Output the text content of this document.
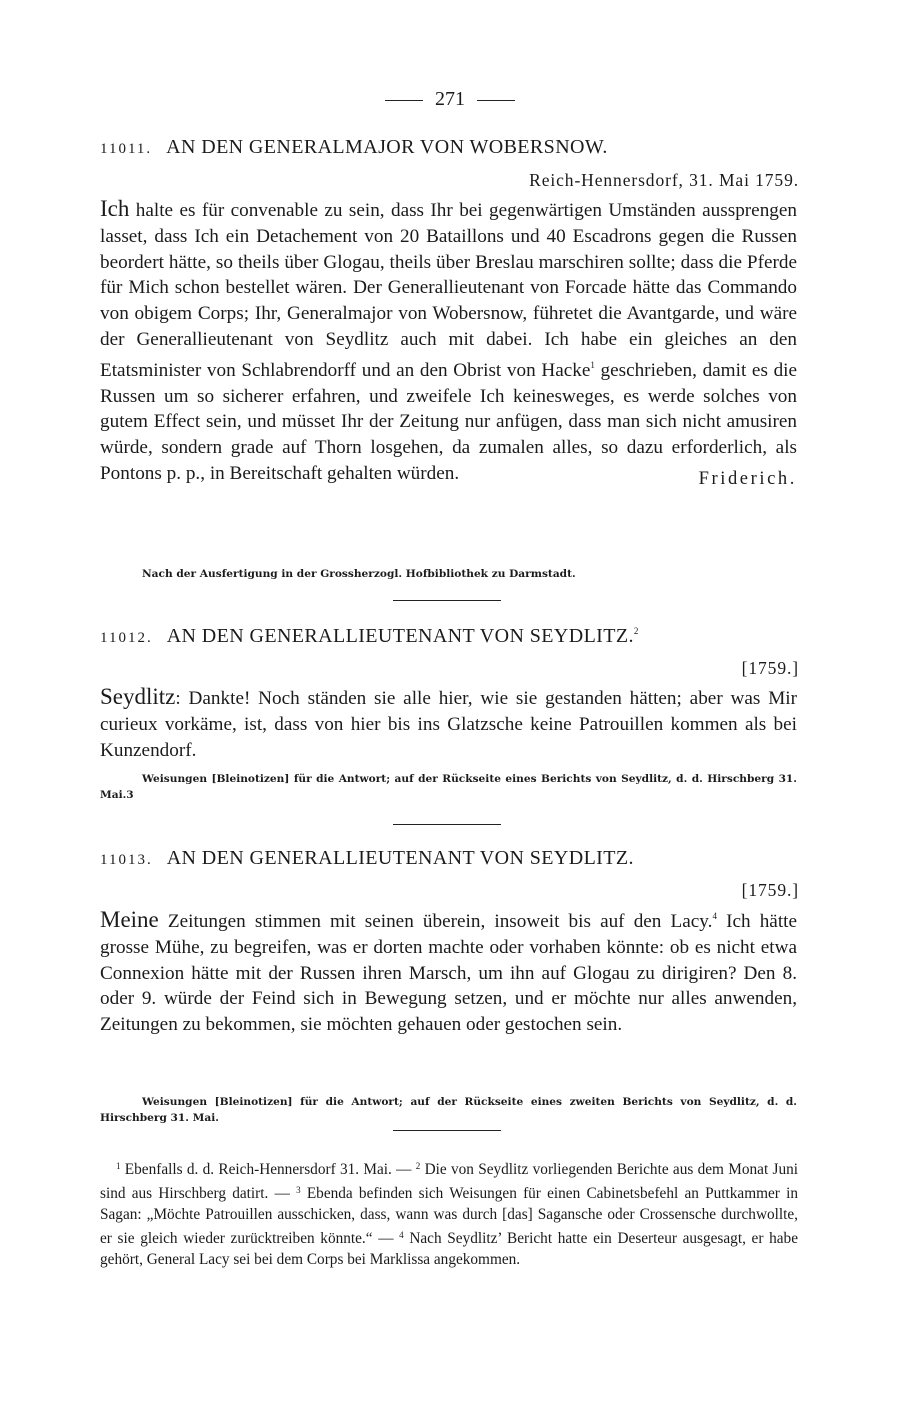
271
11011. AN DEN GENERALMAJOR VON WOBERSNOW.
Reich-Hennersdorf, 31. Mai 1759.

Ich halte es für convenable zu sein, dass Ihr bei gegenwärtigen Umständen aussprengen lasset, dass Ich ein Detachement von 20 Bataillons und 40 Escadrons gegen die Russen beordert hätte, so theils über Glogau, theils über Breslau marschiren sollte; dass die Pferde für Mich schon bestellet wären. Der Generallieutenant von Forcade hätte das Commando von obigem Corps; Ihr, Generalmajor von Wobersnow, führetet die Avantgarde, und wäre der Generallieutenant von Seydlitz auch mit dabei. Ich habe ein gleiches an den Etatsminister von Schlabrendorff und an den Obrist von Hacke$^1$ geschrieben, damit es die Russen um so sicherer erfahren, und zweifele Ich keinesweges, es werde solches von gutem Effect sein, und müsset Ihr der Zeitung nur anfügen, dass man sich nicht amusiren würde, sondern grade auf Thorn losgehen, da zumalen alles, so dazu erforderlich, als Pontons p. p., in Bereitschaft gehalten würden.	Friderich.

Nach der Ausfertigung in der Grossherzogl. Hofbibliothek zu Darmstadt.

11012. AN DEN GENERALLIEUTENANT VON SEYDLITZ.$^2$
[1759.]

Seydlitz: Dankte! Noch ständen sie alle hier, wie sie gestanden hätten; aber was Mir curieux vorkäme, ist, dass von hier bis ins Glatzsche keine Patrouillen kommen als bei Kunzendorf.

Weisungen [Bleinotizen] für die Antwort; auf der Rückseite eines Berichts von Seydlitz, d. d. Hirschberg 31. Mai.3

11013. AN DEN GENERALLIEUTENANT VON SEYDLITZ.
[1759.]

Meine Zeitungen stimmen mit seinen überein, insoweit bis auf den Lacy.$^4$ Ich hätte grosse Mühe, zu begreifen, was er dorten machte oder vorhaben könnte: ob es nicht etwa Connexion hätte mit der Russen ihren Marsch, um ihn auf Glogau zu dirigiren? Den 8. oder 9. würde der Feind sich in Bewegung setzen, und er möchte nur alles anwenden, Zeitungen zu bekommen, sie möchten gehauen oder gestochen sein.

Weisungen [Bleinotizen] für die Antwort; auf der Rückseite eines zweiten Berichts von Seydlitz, d. d. Hirschberg 31. Mai.

$^1$ Ebenfalls d. d. Reich-Hennersdorf 31. Mai. — $^2$ Die von Seydlitz vorliegenden Berichte aus dem Monat Juni sind aus Hirschberg datirt. — $^3$ Ebenda befinden sich Weisungen für einen Cabinetsbefehl an Puttkammer in Sagan: „Möchte Patrouillen ausschicken, dass, wann was durch [das] Sagansche oder Crossensche durchwollte, er sie gleich wieder zurücktreiben könnte.“ — $^4$ Nach Seydlitz’ Bericht hatte ein Deserteur ausgesagt, er habe gehört, General Lacy sei bei dem Corps bei Marklissa angekommen.
